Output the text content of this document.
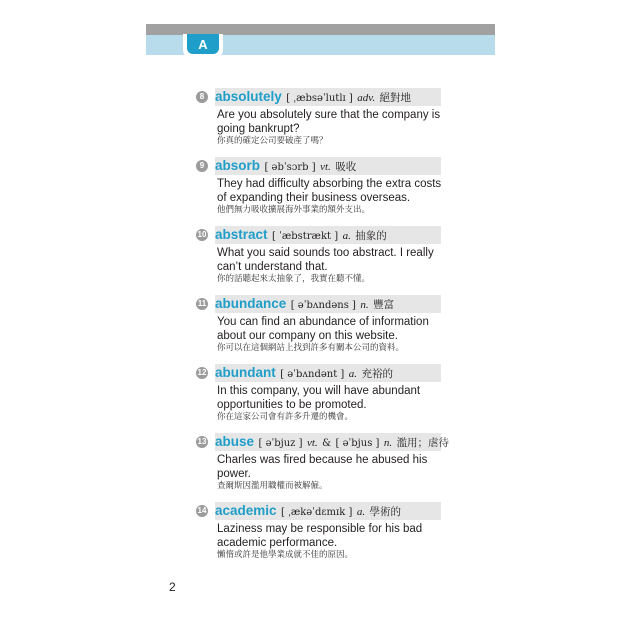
A
8 absolutely [ ˌæbsəˈlutlɪ ] adv. 絕對地
Are you absolutely sure that the company is going bankrupt?
你真的確定公司要破產了嗎？
9 absorb [ əbˈsɔrb ] vt. 吸收
They had difficulty absorbing the extra costs of expanding their business overseas.
他們無力吸收擴展海外事業的額外支出。
10 abstract [ ˈæbstrækt ] a. 抽象的
What you said sounds too abstract. I really can’t understand that.
你的話聽起來太抽象了，我實在聽不懂。
11 abundance [ əˈbʌndəns ] n. 豐富
You can find an abundance of information about our company on this website.
你可以在這個網站上找到許多有關本公司的資料。
12 abundant [ əˈbʌndənt ] a. 充裕的
In this company, you will have abundant opportunities to be promoted.
你在這家公司會有許多升遷的機會。
13 abuse [ əˈbjuz ] vt. & [ əˈbjus ] n. 濫用；虐待
Charles was fired because he abused his power.
查爾斯因濫用職權而被解僱。
14 academic [ ˌækəˈdɛmɪk ] a. 學術的
Laziness may be responsible for his bad academic performance.
懶惰或許是他學業成就不佳的原因。
2
